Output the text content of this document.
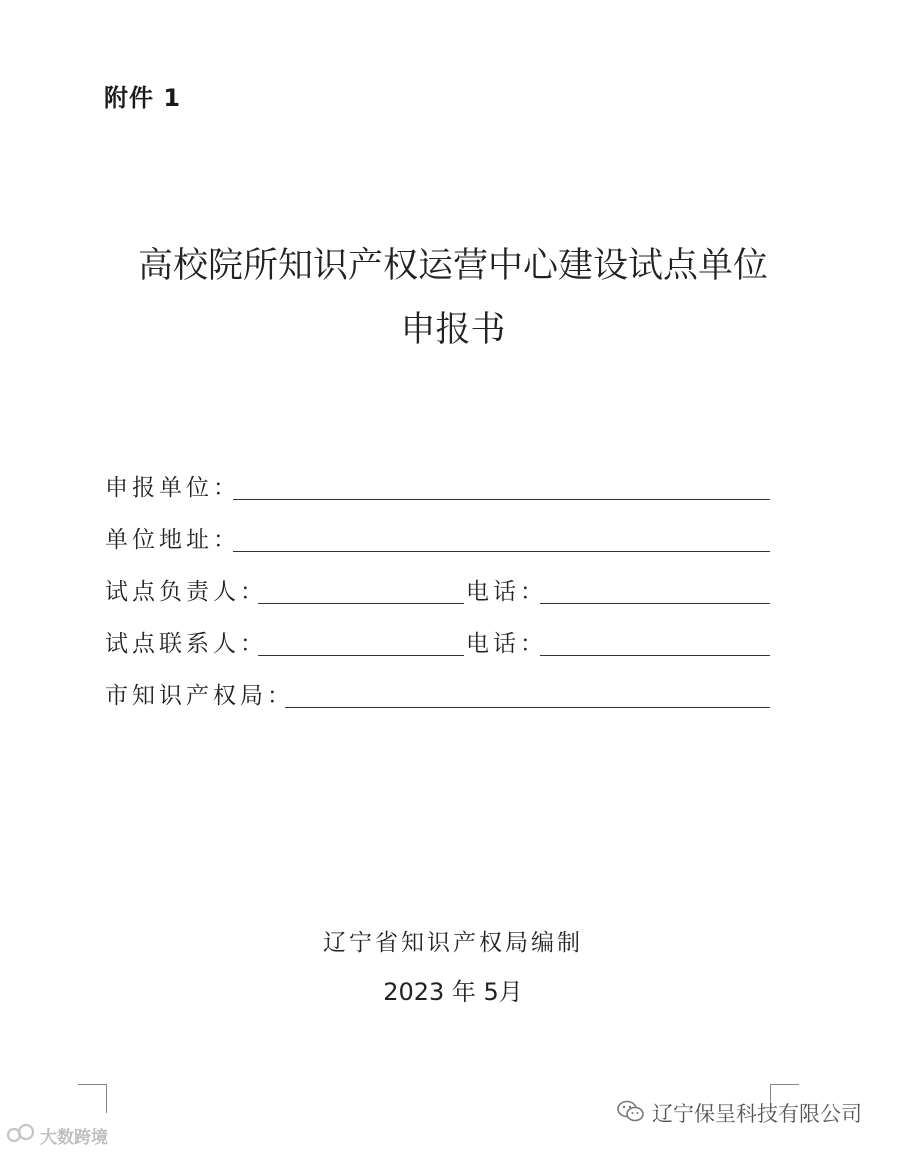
附件 1
高校院所知识产权运营中心建设试点单位
申报书
申报单位：
单位地址：
试点负责人：	电话：
试点联系人：	电话：
市知识产权局：
辽宁省知识产权局编制
2023 年 5月
大数跨境
辽宁保呈科技有限公司
